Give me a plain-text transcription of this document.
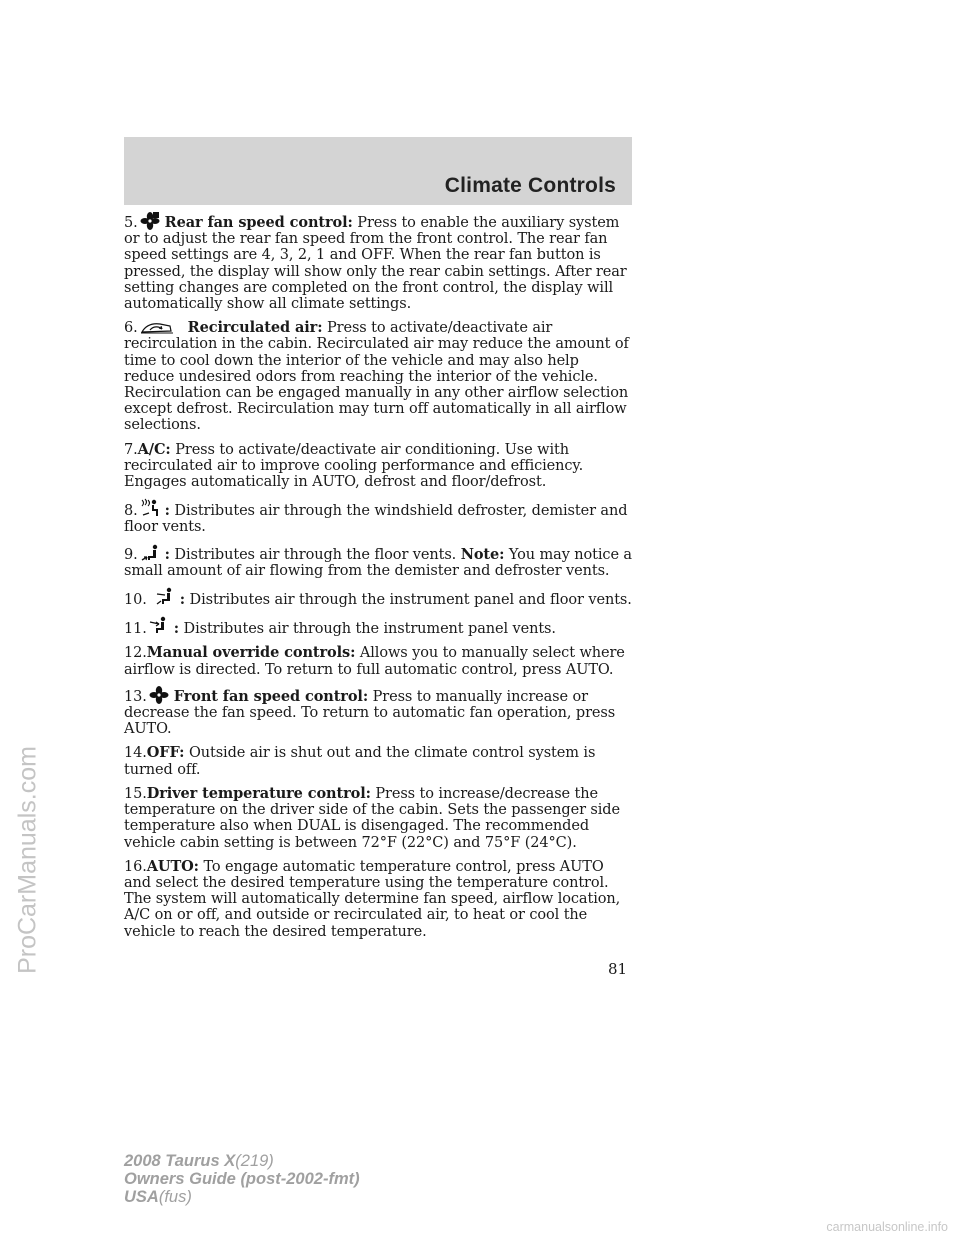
Climate Controls

5. Rear fan speed control: Press to enable the auxiliary system or to adjust the rear fan speed from the front control. The rear fan speed settings are 4, 3, 2, 1 and OFF. When the rear fan button is pressed, the display will show only the rear cabin settings. After rear setting changes are completed on the front control, the display will automatically show all climate settings.

6.	Recirculated air: Press to activate/deactivate air recirculation in the cabin. Recirculated air may reduce the amount of time to cool down the interior of the vehicle and may also help reduce undesired odors from reaching the interior of the vehicle. Recirculation can be engaged manually in any other airflow selection except defrost. Recirculation may turn off automatically in all airflow selections.

7.A/C: Press to activate/deactivate air conditioning. Use with recirculated air to improve cooling performance and efficiency. Engages automatically in AUTO, defrost and floor/defrost.

8. : Distributes air through the windshield defroster, demister and floor vents.

9. : Distributes air through the floor vents. Note: You may notice a small amount of air flowing from the demister and defroster vents.

10. : Distributes air through the instrument panel and floor vents.

11. : Distributes air through the instrument panel vents.

12.Manual override controls: Allows you to manually select where airflow is directed. To return to full automatic control, press AUTO.

13. Front fan speed control: Press to manually increase or decrease the fan speed. To return to automatic fan operation, press AUTO.

14.OFF: Outside air is shut out and the climate control system is turned off.

15.Driver temperature control: Press to increase/decrease the temperature on the driver side of the cabin. Sets the passenger side temperature also when DUAL is disengaged. The recommended vehicle cabin setting is between 72°F (22°C) and 75°F (24°C).

16.AUTO: To engage automatic temperature control, press AUTO and select the desired temperature using the temperature control. The system will automatically determine fan speed, airflow location, A/C on or off, and outside or recirculated air, to heat or cool the vehicle to reach the desired temperature.

81
2008 Taurus X(219)
Owners Guide (post-2002-fmt)
USA(fus)
ProCarManuals.com
carmanualsonline.info
